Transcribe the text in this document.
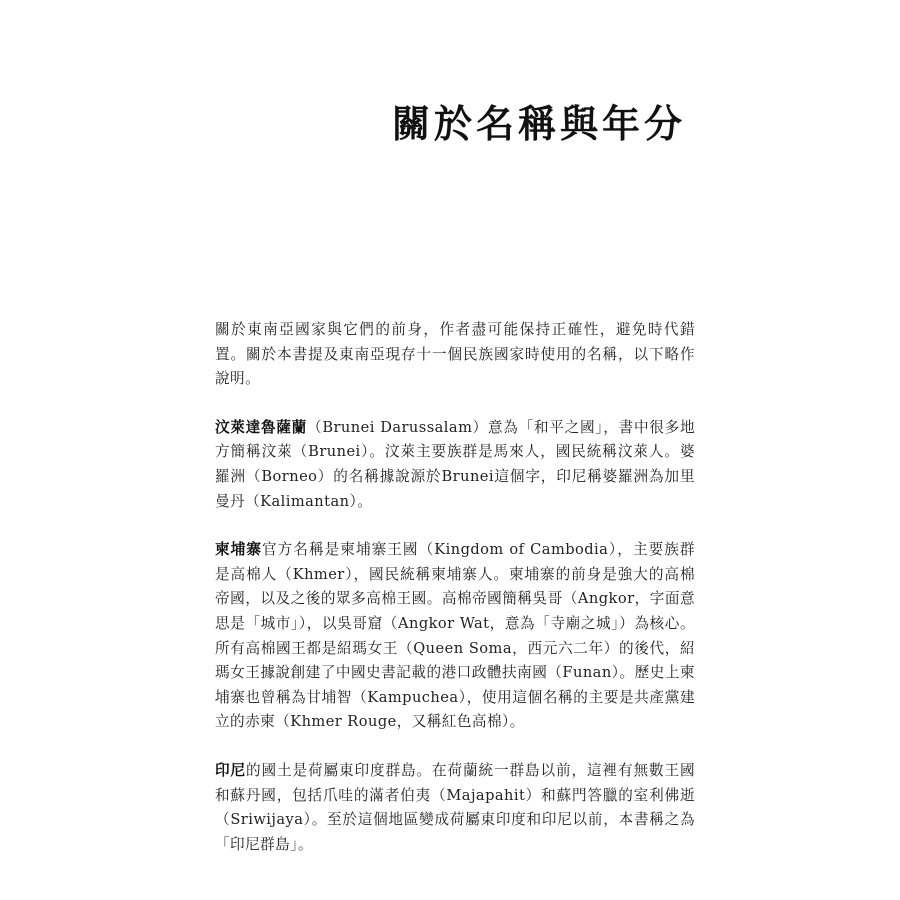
關於名稱與年分

關於東南亞國家與它們的前身，作者盡可能保持正確性，避免時代錯置。關於本書提及東南亞現存十一個民族國家時使用的名稱，以下略作說明。

汶萊達魯薩蘭（Brunei Darussalam）意為「和平之國」，書中很多地方簡稱汶萊（Brunei）。汶萊主要族群是馬來人，國民統稱汶萊人。婆羅洲（Borneo）的名稱據說源於Brunei這個字，印尼稱婆羅洲為加里曼丹（Kalimantan）。

柬埔寨官方名稱是柬埔寨王國（Kingdom of Cambodia），主要族群是高棉人（Khmer），國民統稱柬埔寨人。柬埔寨的前身是強大的高棉帝國，以及之後的眾多高棉王國。高棉帝國簡稱吳哥（Angkor，字面意思是「城市」），以吳哥窟（Angkor Wat，意為「寺廟之城」）為核心。所有高棉國王都是紹瑪女王（Queen Soma，西元六二年）的後代，紹瑪女王據說創建了中國史書記載的港口政體扶南國（Funan）。歷史上柬埔寨也曾稱為甘埔智（Kampuchea），使用這個名稱的主要是共產黨建立的赤柬（Khmer Rouge，又稱紅色高棉）。

印尼的國土是荷屬東印度群島。在荷蘭統一群島以前，這裡有無數王國和蘇丹國，包括爪哇的滿者伯夷（Majapahit）和蘇門答臘的室利佛逝（Sriwijaya）。至於這個地區變成荷屬東印度和印尼以前，本書稱之為「印尼群島」。
